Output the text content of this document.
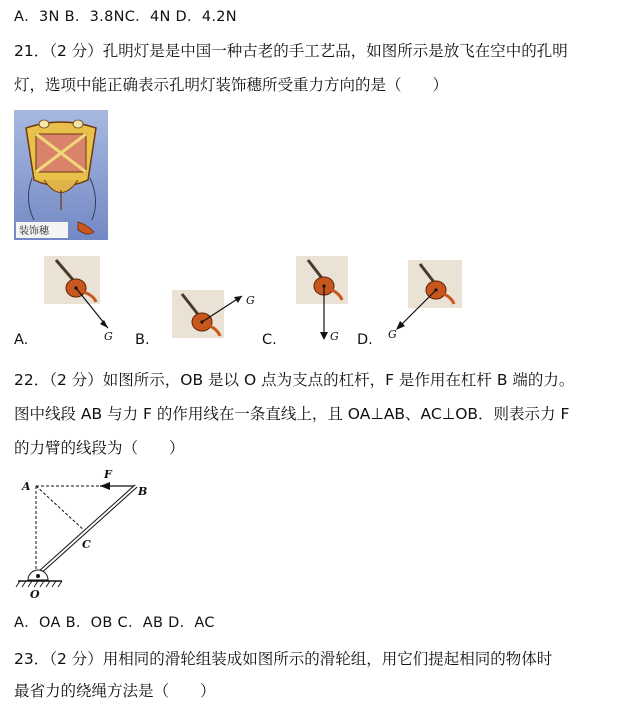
A．3N B．3.8NC．4N D．4.2N
21．（2 分）孔明灯是是中国一种古老的手工艺品，如图所示是放飞在空中的孔明
灯，选项中能正确表示孔明灯装饰穗所受重力方向的是（　　）
装饰穗
A.	G B.
G
C.	G D. G
22．（2 分）如图所示，OB 是以 O 点为支点的杠杆，F 是作用在杠杆 B 端的力。
图中线段 AB 与力 F 的作用线在一条直线上，且 OA⊥AB、AC⊥OB．则表示力 F
的力臂的线段为（　　）
F
A	B
C
O
A．OA B．OB C．AB D．AC
23．（2 分）用相同的滑轮组装成如图所示的滑轮组，用它们提起相同的物体时
最省力的绕绳方法是（　　）
